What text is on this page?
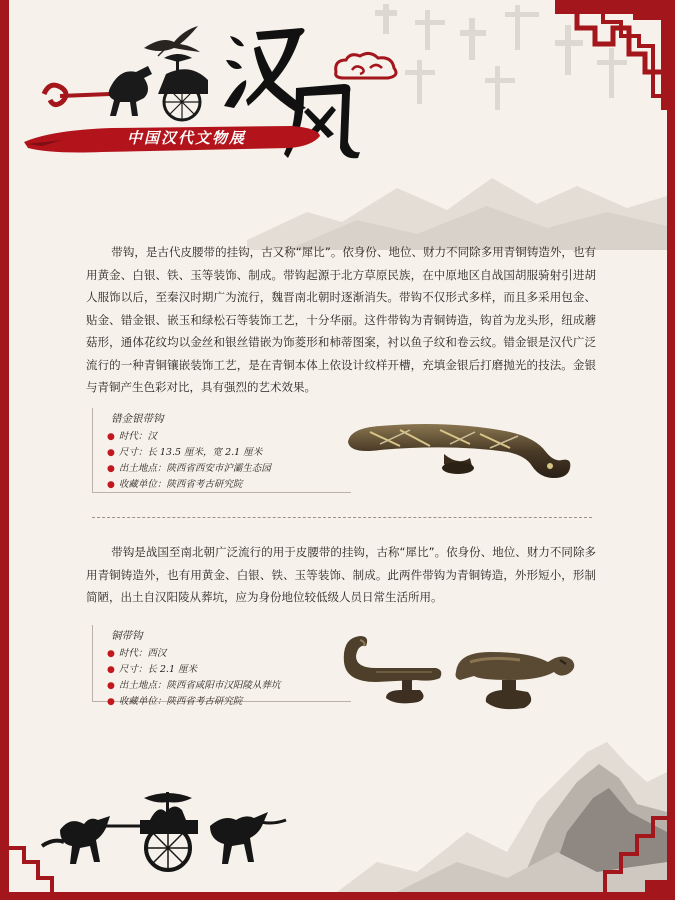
中国汉代文物展

带钩，是古代皮腰带的挂钩，古又称“犀比”。依身份、地位、财力不同除多用青铜铸造外，也有用黄金、白银、铁、玉等装饰、制成。带钩起源于北方草原民族，在中原地区自战国胡服骑射引进胡人服饰以后，至秦汉时期广为流行，魏晋南北朝时逐渐消失。带钩不仅形式多样，而且多采用包金、贴金、错金银、嵌玉和绿松石等装饰工艺，十分华丽。这件带钩为青铜铸造，钩首为龙头形，纽成蘑菇形，通体花纹均以金丝和银丝错嵌为饰菱形和柿蒂图案，衬以鱼子纹和卷云纹。错金银是汉代广泛流行的一种青铜镶嵌装饰工艺，是在青铜本体上依设计纹样开槽，充填金银后打磨抛光的技法。金银与青铜产生色彩对比，具有强烈的艺术效果。

错金银带钩
● 时代：汉
● 尺寸：长 13.5 厘米，宽 2.1 厘米
● 出土地点：陕西省西安市沪灞生态园
● 收藏单位：陕西省考古研究院

带钩是战国至南北朝广泛流行的用于皮腰带的挂钩，古称“犀比”。依身份、地位、财力不同除多用青铜铸造外，也有用黄金、白银、铁、玉等装饰、制成。此两件带钩为青铜铸造，外形短小，形制简陋，出土自汉阳陵从葬坑，应为身份地位较低级人员日常生活所用。

铜带钩
● 时代：西汉
● 尺寸：长 2.1 厘米
● 出土地点：陕西省咸阳市汉阳陵从葬坑
● 收藏单位：陕西省考古研究院
